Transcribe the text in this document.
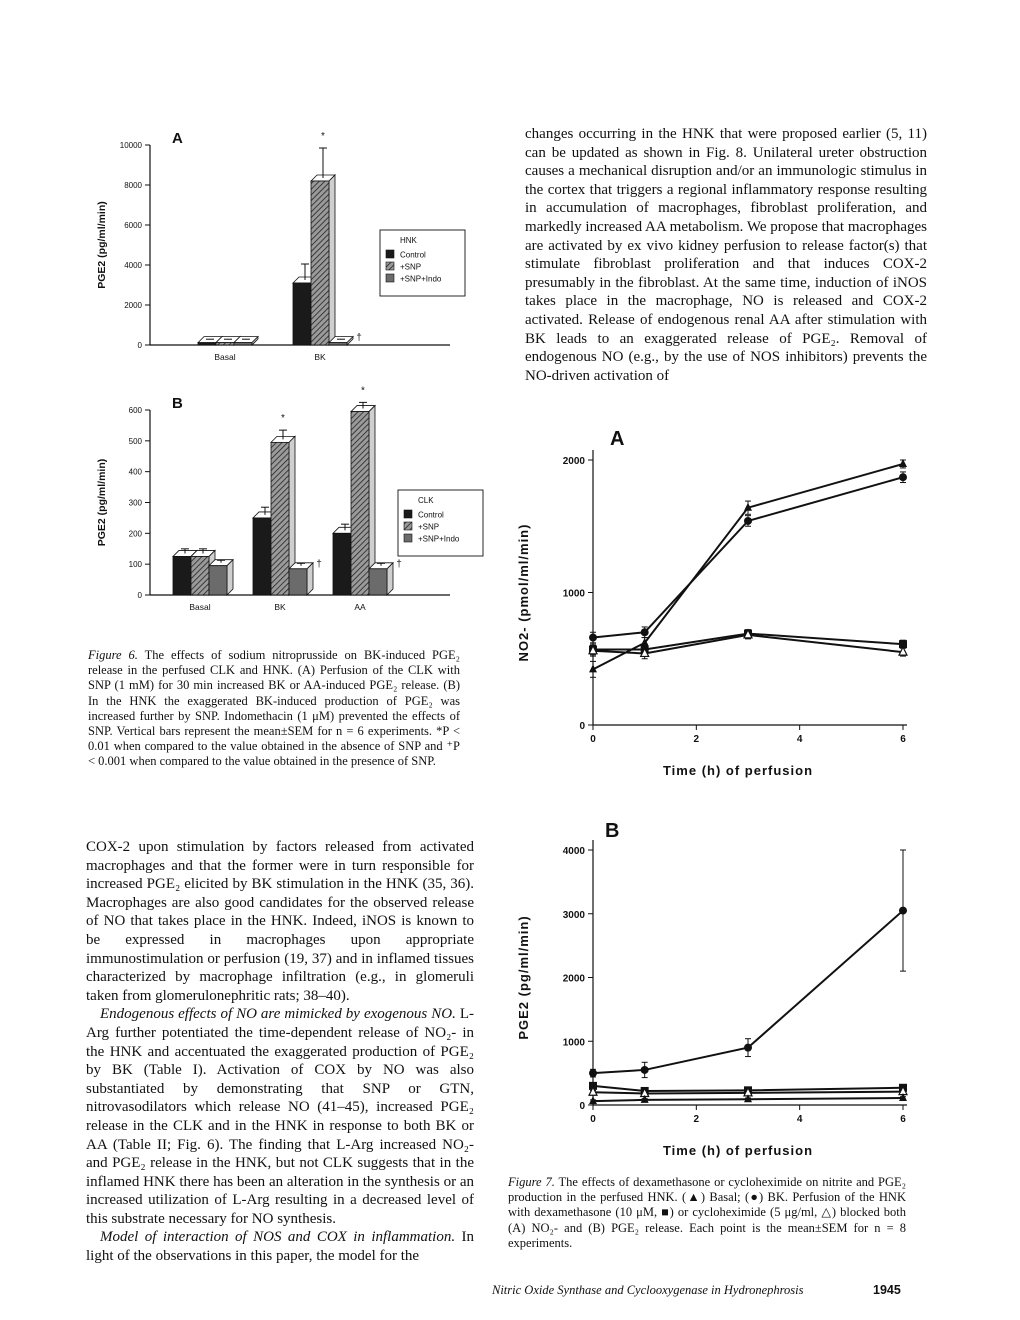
0
2000
4000
6000
8000
10000
PGE2 (pg/ml/min)
A
Basal	BK
*
†
HNK
Control
+SNP
+SNP+Indo
0
100
200
300
400
500
600
PGE2 (pg/ml/min)
B
Basal	BK
*
†
AA
*
†
CLK
Control
+SNP
+SNP+Indo
Figure 6. The effects of sodium nitroprusside on BK-induced PGE₂ release in the perfused CLK and HNK. (A) Perfusion of the CLK with SNP (1 mM) for 30 min increased BK or AA-induced PGE₂ release. (B) In the HNK the exaggerated BK-induced production of PGE₂ was increased further by SNP. Indomethacin (1 μM) prevented the effects of SNP. Vertical bars represent the mean±SEM for n = 6 experiments. *P < 0.01 when compared to the value obtained in the absence of SNP and ⁺P < 0.001 when compared to the value obtained in the presence of SNP.

changes occurring in the HNK that were proposed earlier (5, 11) can be updated as shown in Fig. 8. Unilateral ureter obstruction causes a mechanical disruption and/or an immunologic stimulus in the cortex that triggers a regional inflammatory response resulting in accumulation of macrophages, fibroblast proliferation, and markedly increased AA metabolism. We propose that macrophages are activated by ex vivo kidney perfusion to release factor(s) that stimulate fibroblast proliferation and that induces COX-2 presumably in the fibroblast. At the same time, induction of iNOS takes place in the macrophage, NO is released and COX-2 activated. Release of endogenous renal AA after stimulation with BK leads to an exaggerated release of PGE₂. Removal of endogenous NO (e.g., by the use of NOS inhibitors) prevents the NO-driven activation of

COX-2 upon stimulation by factors released from activated macrophages and that the former were in turn responsible for increased PGE₂ elicited by BK stimulation in the HNK (35, 36). Macrophages are also good candidates for the observed release of NO that takes place in the HNK. Indeed, iNOS is known to be expressed in macrophages upon appropriate immunostimulation or perfusion (19, 37) and in inflamed tissues characterized by macrophage infiltration (e.g., in glomeruli taken from glomerulonephritic rats; 38–40).

Endogenous effects of NO are mimicked by exogenous NO. L-Arg further potentiated the time-dependent release of NO₂- in the HNK and accentuated the exaggerated production of PGE₂ by BK (Table I). Activation of COX by NO was also substantiated by demonstrating that SNP or GTN, nitrovasodilators which release NO (41–45), increased PGE₂ release in the CLK and in the HNK in response to both BK or AA (Table II; Fig. 6). The finding that L-Arg increased NO₂- and PGE₂ release in the HNK, but not CLK suggests that in the inflamed HNK there has been an alteration in the synthesis or an increased utilization of L-Arg resulting in a decreased level of this substrate necessary for NO synthesis.

Model of interaction of NOS and COX in inflammation. In light of the observations in this paper, the model for the

0
1000
2000
0	2	4	6
Time (h) of perfusion
NO2- (pmol/ml/min)
A
0
1000
2000
3000
4000
0	2	4	6
Time (h) of perfusion
PGE2 (pg/ml/min)
B
Figure 7. The effects of dexamethasone or cycloheximide on nitrite and PGE₂ production in the perfused HNK. (▲) Basal; (●) BK. Perfusion of the HNK with dexamethasone (10 μM, ■) or cycloheximide (5 μg/ml, △) blocked both (A) NO₂- and (B) PGE₂ release. Each point is the mean±SEM for n = 8 experiments.
Nitric Oxide Synthase and Cyclooxygenase in Hydronephrosis	1945
